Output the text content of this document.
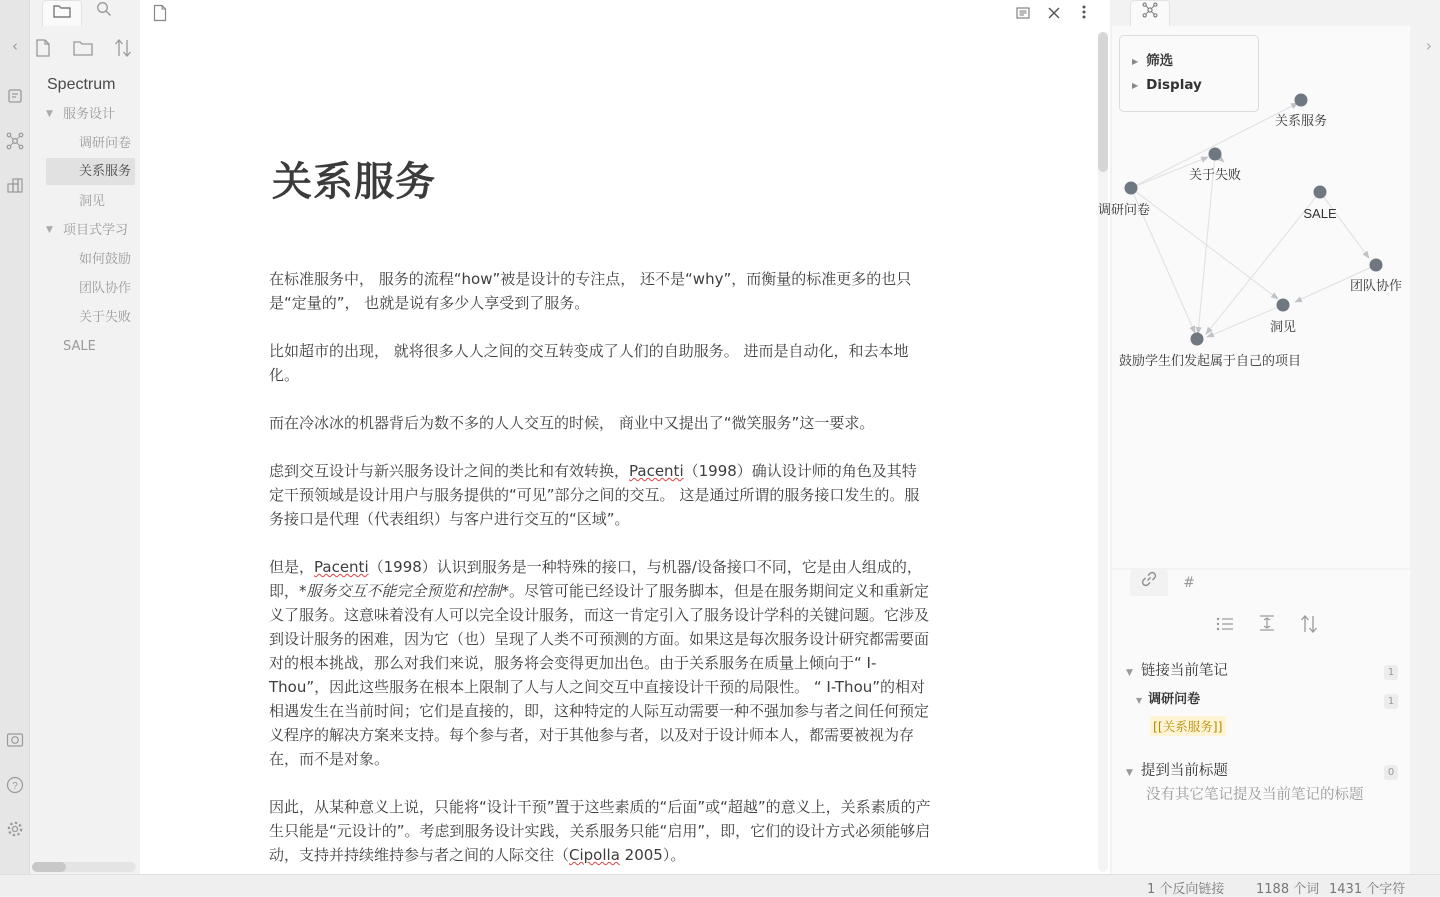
‹
?
Spectrum
▼ 服务设计
调研问卷
关系服务
洞见
▼ 项目式学习
如何鼓励
团队协作
关于失败
SALE
关系服务

在标准服务中， 服务的流程“how”被是设计的专注点， 还不是“why”，而衡量的标准更多的也只是“定量的”， 也就是说有多少人享受到了服务。

比如超市的出现， 就将很多人人之间的交互转变成了人们的自助服务。 进而是自动化，和去本地化。

而在冷冰冰的机器背后为数不多的人人交互的时候， 商业中又提出了“微笑服务”这一要求。

虑到交互设计与新兴服务设计之间的类比和有效转换，Pacenti（1998）确认设计师的角色及其特定干预领域是设计用户与服务提供的“可见”部分之间的交互。 这是通过所谓的服务接口发生的。服务接口是代理（代表组织）与客户进行交互的“区域”。

但是，Pacenti（1998）认识到服务是一种特殊的接口，与机器/设备接口不同，它是由人组成的，即，*服务交互不能完全预览和控制*。尽管可能已经设计了服务脚本，但是在服务期间定义和重新定义了服务。这意味着没有人可以完全设计服务，而这一肯定引入了服务设计学科的关键问题。它涉及到设计服务的困难，因为它（也）呈现了人类不可预测的方面。如果这是每次服务设计研究都需要面对的根本挑战，那么对我们来说，服务将会变得更加出色。由于关系服务在质量上倾向于“ I-Thou”，因此这些服务在根本上限制了人与人之间交互中直接设计干预的局限性。 “ I-Thou”的相对相遇发生在当前时间；它们是直接的，即，这种特定的人际互动需要一种不强加参与者之间任何预定义程序的解决方案来支持。每个参与者，对于其他参与者，以及对于设计师本人，都需要被视为存在，而不是对象。

因此，从某种意义上说，只能将“设计干预”置于这些素质的“后面”或“超越”的意义上，关系素质的产生只能是“元设计的”。考虑到服务设计实践，关系服务只能“启用”，即，它们的设计方式必须能够启动，支持并持续维持参与者之间的人际交往（Cipolla 2005）。

关系服务
关于失败
调研问卷	SALE
团队协作
洞见
鼓励学生们发起属于自己的项目
▶ 筛选
▶ Display
›
#
▼ 链接当前笔记	1
▼ 调研问卷	1
[[关系服务]]
▼ 提到当前标题	0
没有其它笔记提及当前笔记的标题
1 个反向链接 1188 个词 1431 个字符
